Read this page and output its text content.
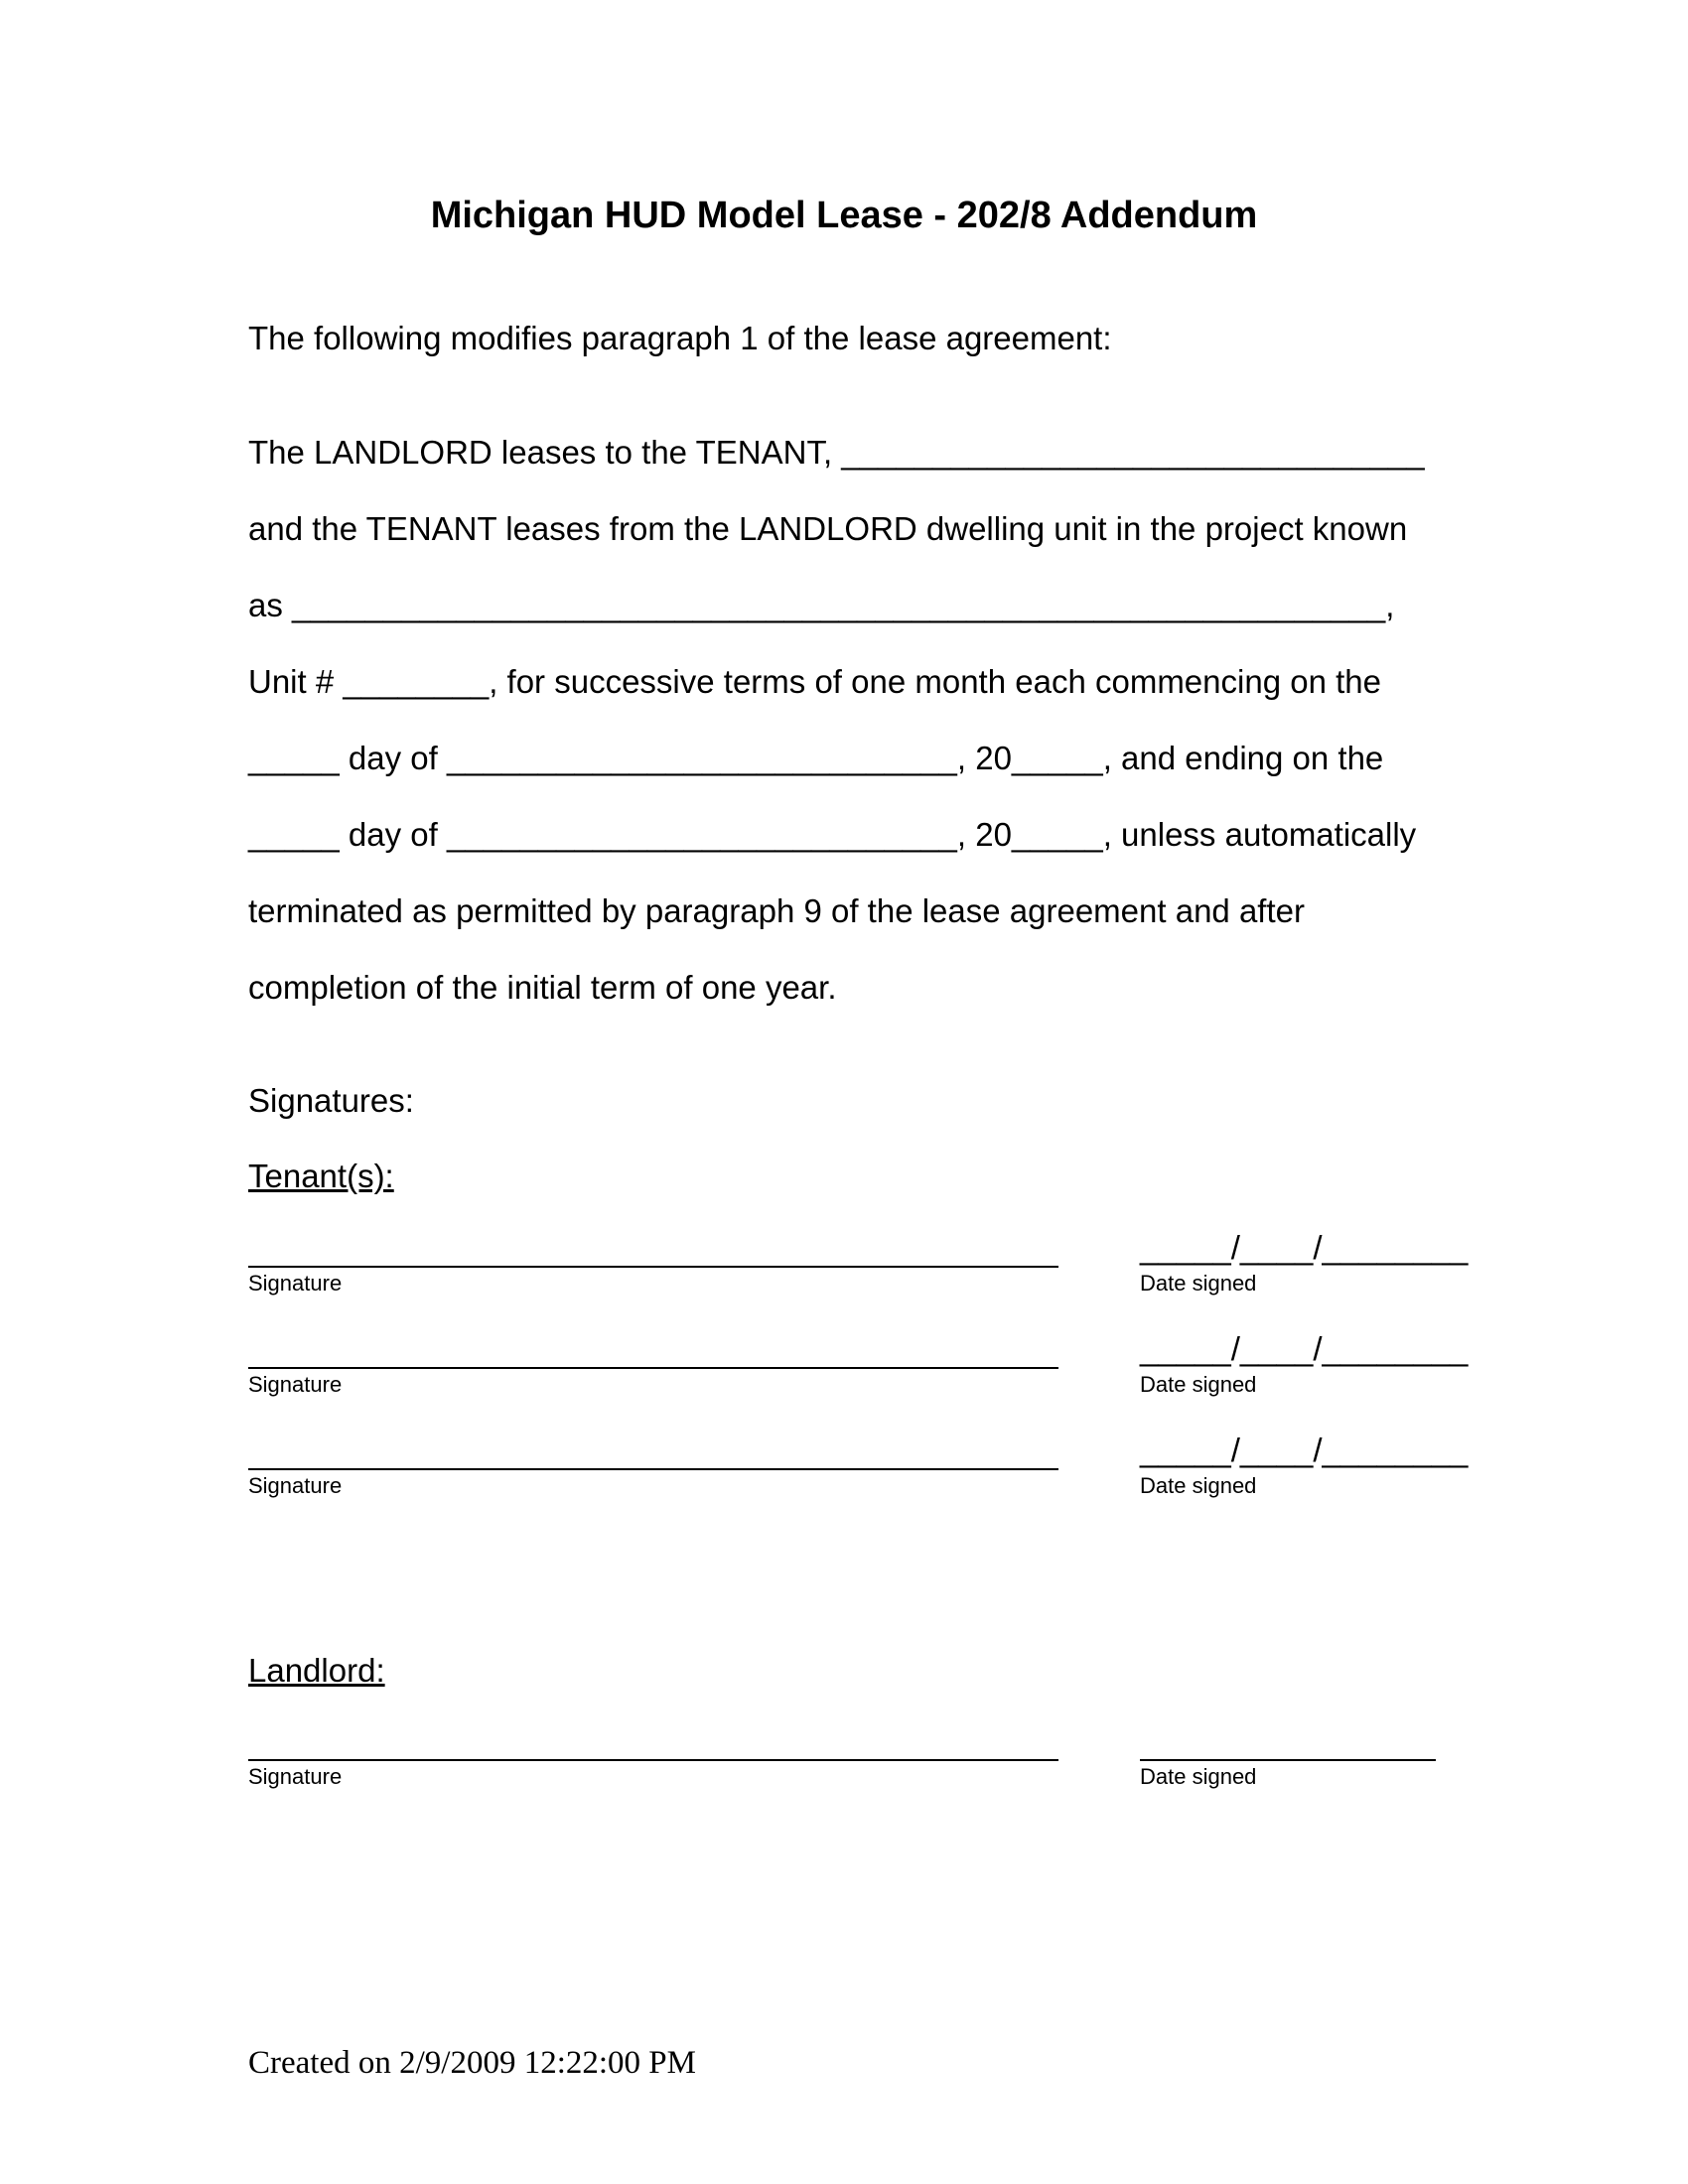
Michigan HUD Model Lease - 202/8 Addendum
The following modifies paragraph 1 of the lease agreement:
The LANDLORD leases to the TENANT, ________________________________
and the TENANT leases from the LANDLORD dwelling unit in the project known
as ____________________________________________________________,
Unit # ________, for successive terms of one month each commencing on the
_____ day of ____________________________, 20_____, and ending on the
_____ day of ____________________________, 20_____, unless automatically
terminated as permitted by paragraph 9 of the lease agreement and after
completion of the initial term of one year.
Signatures:
Tenant(s):
Signature
_____/____/________
Date signed
Signature
_____/____/________
Date signed
Signature
_____/____/________
Date signed
Landlord:
Signature	Date signed
Created on 2/9/2009 12:22:00 PM
